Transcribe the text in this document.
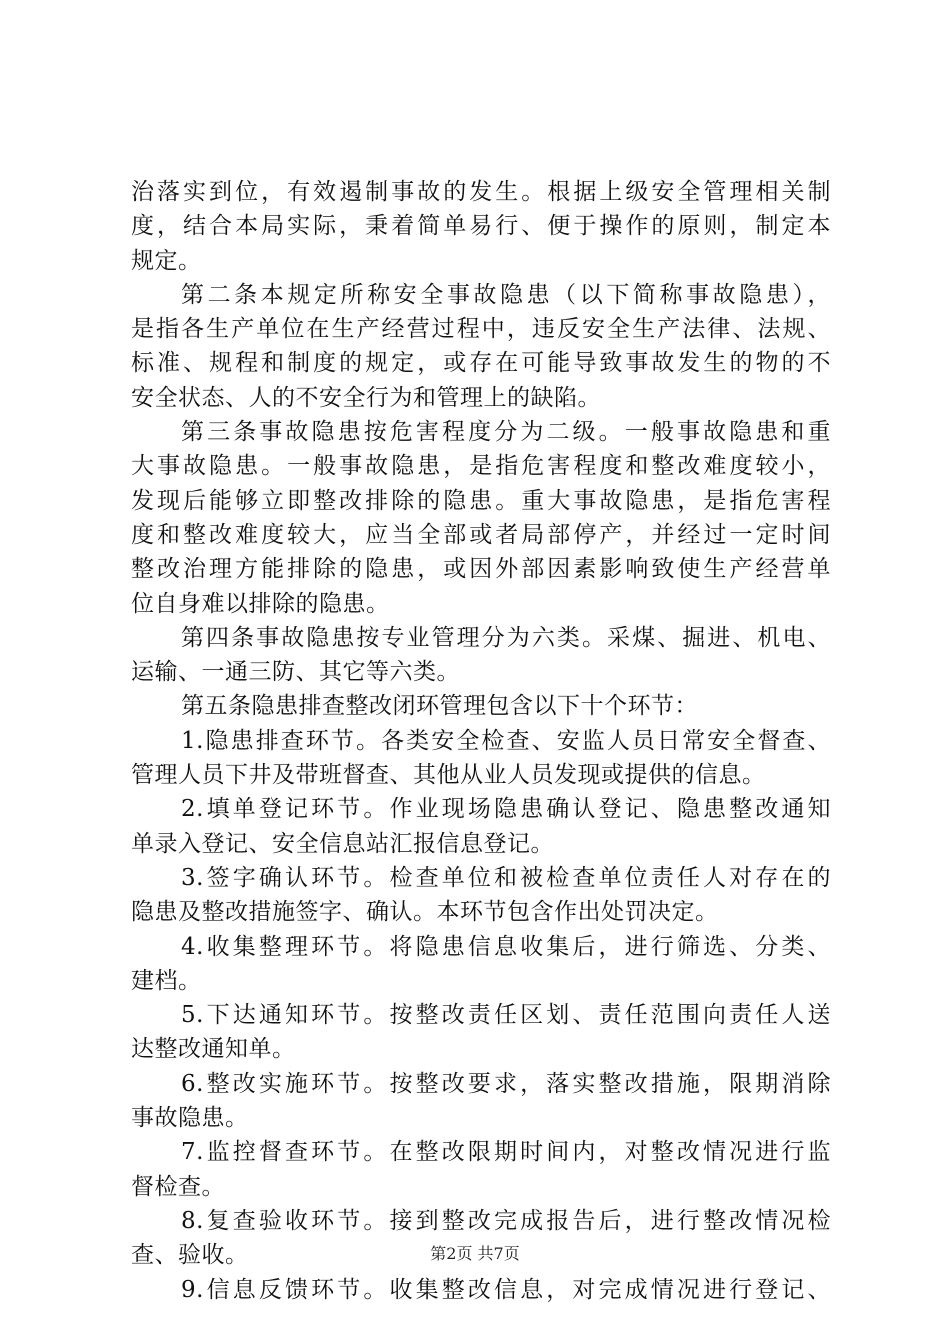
治落实到位，有效遏制事故的发生。根据上级安全管理相关制
度，结合本局实际，秉着简单易行、便于操作的原则，制定本
规定。
第二条本规定所称安全事故隐患（以下简称事故隐患），
是指各生产单位在生产经营过程中，违反安全生产法律、法规、
标准、规程和制度的规定，或存在可能导致事故发生的物的不
安全状态、人的不安全行为和管理上的缺陷。
第三条事故隐患按危害程度分为二级。一般事故隐患和重
大事故隐患。一般事故隐患，是指危害程度和整改难度较小，
发现后能够立即整改排除的隐患。重大事故隐患，是指危害程
度和整改难度较大，应当全部或者局部停产，并经过一定时间
整改治理方能排除的隐患，或因外部因素影响致使生产经营单
位自身难以排除的隐患。
第四条事故隐患按专业管理分为六类。采煤、掘进、机电、
运输、一通三防、其它等六类。
第五条隐患排查整改闭环管理包含以下十个环节：
1.隐患排查环节。各类安全检查、安监人员日常安全督查、
管理人员下井及带班督查、其他从业人员发现或提供的信息。
2.填单登记环节。作业现场隐患确认登记、隐患整改通知
单录入登记、安全信息站汇报信息登记。
3.签字确认环节。检查单位和被检查单位责任人对存在的
隐患及整改措施签字、确认。本环节包含作出处罚决定。
4.收集整理环节。将隐患信息收集后，进行筛选、分类、
建档。
5.下达通知环节。按整改责任区划、责任范围向责任人送
达整改通知单。
6.整改实施环节。按整改要求，落实整改措施，限期消除
事故隐患。
7.监控督查环节。在整改限期时间内，对整改情况进行监
督检查。
8.复查验收环节。接到整改完成报告后，进行整改情况检
查、验收。
9.信息反馈环节。收集整改信息，对完成情况进行登记、
第2页 共7页
